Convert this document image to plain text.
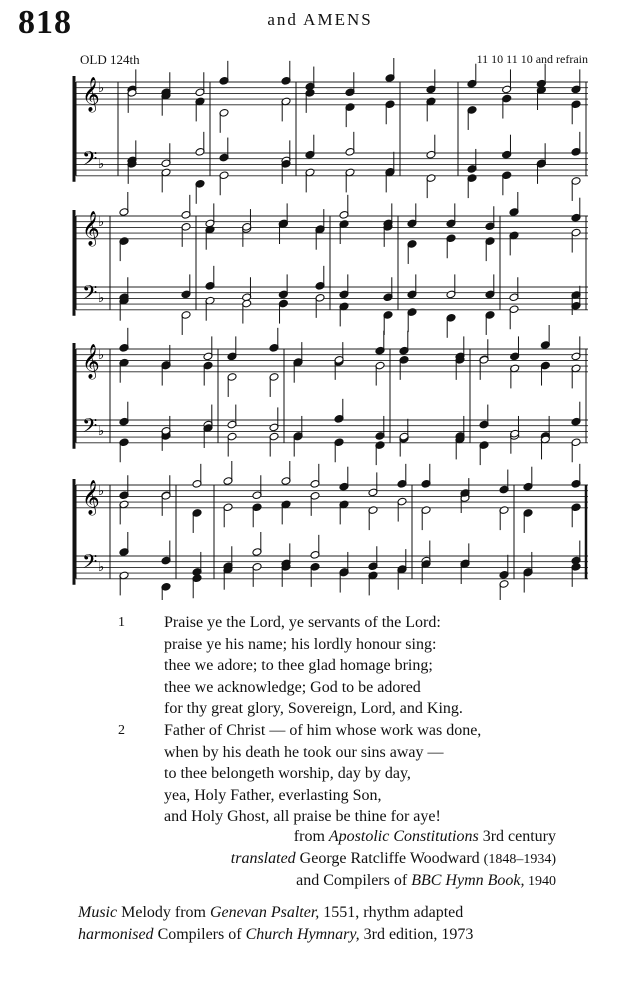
818	and AMENS
OLD 124th	11 10 11 10 and refrain
𝄞
♭
𝄢 ♭
𝄞
♭
𝄢 ♭
𝄞
♭
𝄢 ♭
𝄞
♭
𝄢 ♭
1	Praise ye the Lord, ye servants of the Lord:
praise ye his name; his lordly honour sing:
thee we adore; to thee glad homage bring;
thee we acknowledge; God to be adored
for thy great glory, Sovereign, Lord, and King.
2	Father of Christ — of him whose work was done,
when by his death he took our sins away —
to thee belongeth worship, day by day,
yea, Holy Father, everlasting Son,
and Holy Ghost, all praise be thine for aye!
from Apostolic Constitutions 3rd century
translated George Ratcliffe Woodward (1848–1934)
and Compilers of BBC Hymn Book, 1940
Music Melody from Genevan Psalter, 1551, rhythm adapted
harmonised Compilers of Church Hymnary, 3rd edition, 1973
